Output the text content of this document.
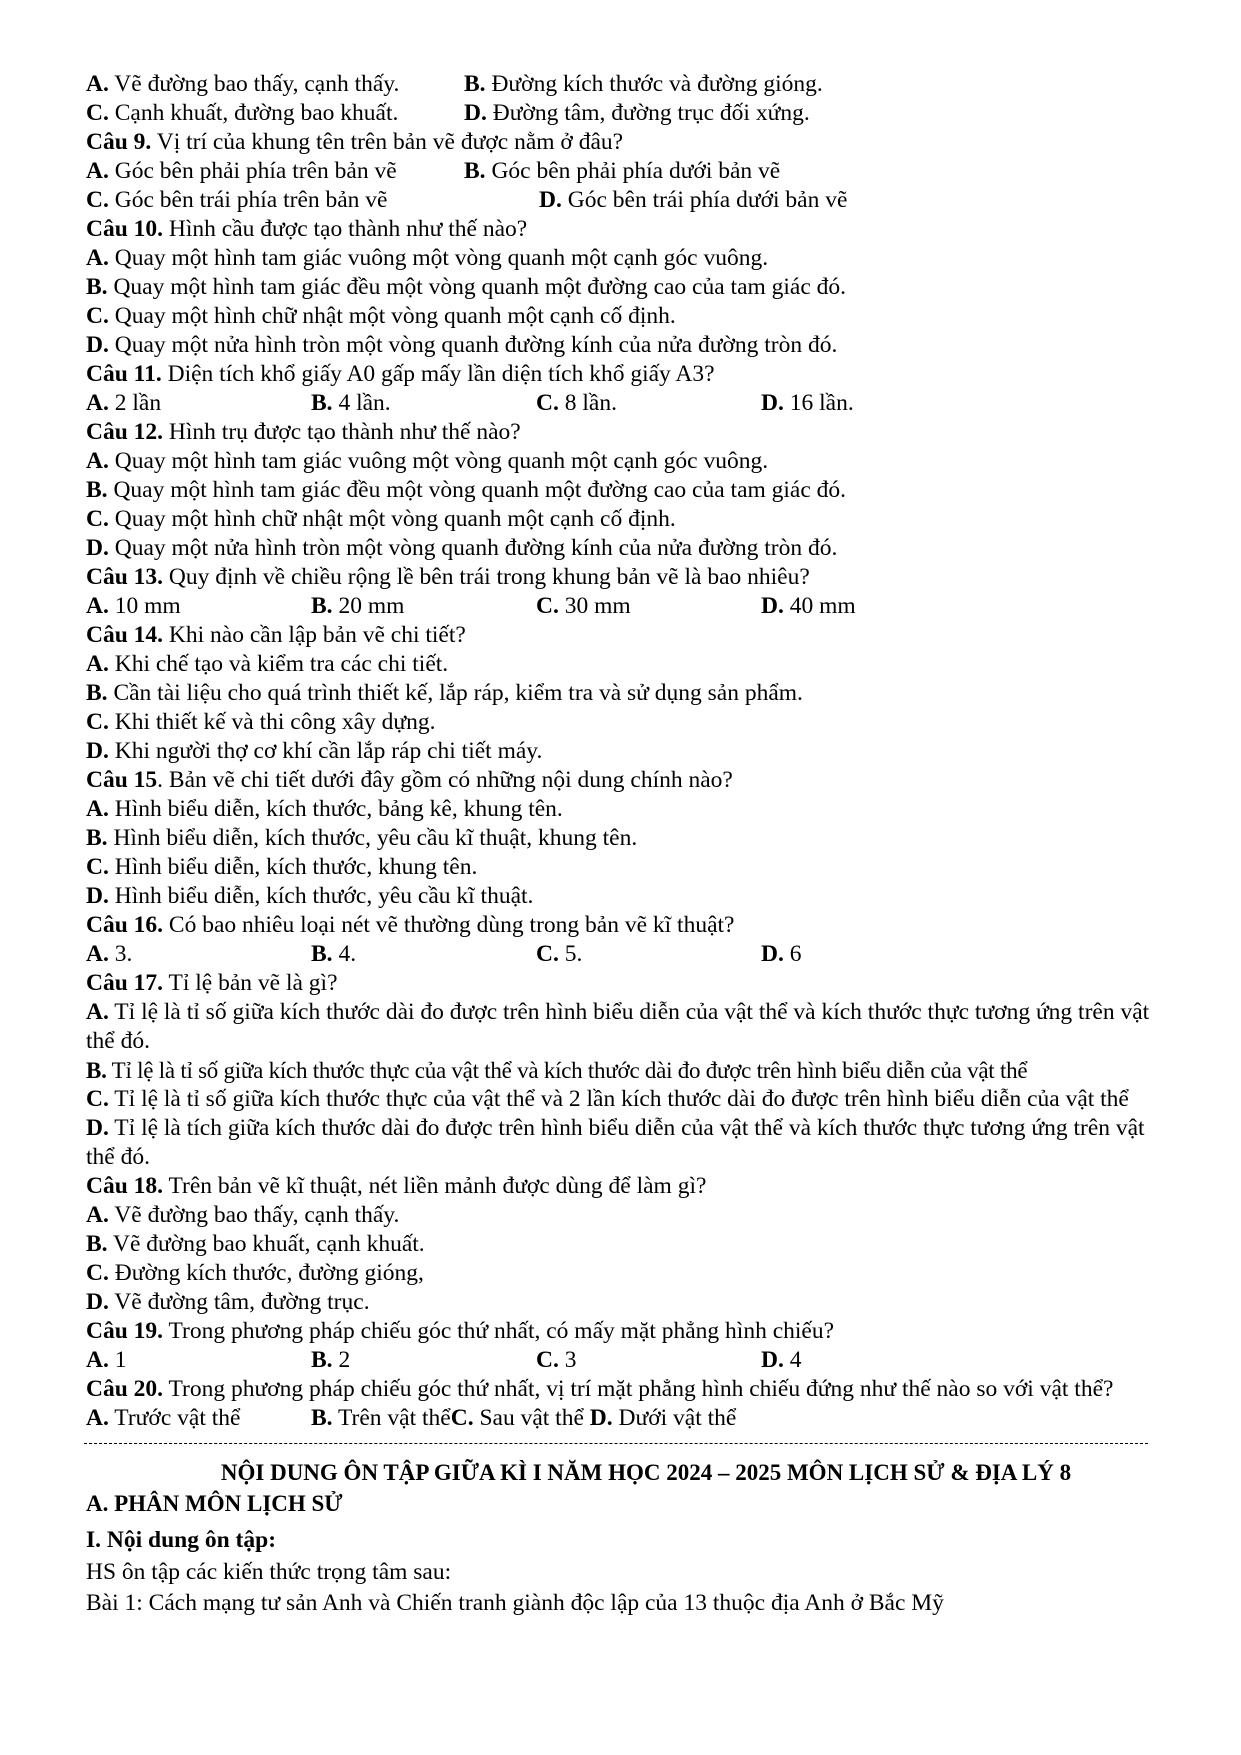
A. Vẽ đường bao thấy, cạnh thấy.	B. Đường kích thước và đường gióng.
C. Cạnh khuất, đường bao khuất.	D. Đường tâm, đường trục đối xứng.
Câu 9. Vị trí của khung tên trên bản vẽ được nằm ở đâu?
A. Góc bên phải phía trên bản vẽ	B. Góc bên phải phía dưới bản vẽ
C. Góc bên trái phía trên bản vẽ	D. Góc bên trái phía dưới bản vẽ
Câu 10. Hình cầu được tạo thành như thế nào?
A. Quay một hình tam giác vuông một vòng quanh một cạnh góc vuông.
B. Quay một hình tam giác đều một vòng quanh một đường cao của tam giác đó.
C. Quay một hình chữ nhật một vòng quanh một cạnh cố định.
D. Quay một nửa hình tròn một vòng quanh đường kính của nửa đường tròn đó.
Câu 11. Diện tích khổ giấy A0 gấp mấy lần diện tích khổ giấy A3?
A. 2 lần	B. 4 lần.	C. 8 lần.	D. 16 lần.
Câu 12. Hình trụ được tạo thành như thế nào?
A. Quay một hình tam giác vuông một vòng quanh một cạnh góc vuông.
B. Quay một hình tam giác đều một vòng quanh một đường cao của tam giác đó.
C. Quay một hình chữ nhật một vòng quanh một cạnh cố định.
D. Quay một nửa hình tròn một vòng quanh đường kính của nửa đường tròn đó.
Câu 13. Quy định về chiều rộng lề bên trái trong khung bản vẽ là bao nhiêu?
A. 10 mm	B. 20 mm	C. 30 mm	D. 40 mm
Câu 14. Khi nào cần lập bản vẽ chi tiết?
A. Khi chế tạo và kiểm tra các chi tiết.
B. Cần tài liệu cho quá trình thiết kế, lắp ráp, kiểm tra và sử dụng sản phẩm.
C. Khi thiết kế và thi công xây dựng.
D. Khi người thợ cơ khí cần lắp ráp chi tiết máy.
Câu 15. Bản vẽ chi tiết dưới đây gồm có những nội dung chính nào?
A. Hình biểu diễn, kích thước, bảng kê, khung tên.
B. Hình biểu diễn, kích thước, yêu cầu kĩ thuật, khung tên.
C. Hình biểu diễn, kích thước, khung tên.
D. Hình biểu diễn, kích thước, yêu cầu kĩ thuật.
Câu 16. Có bao nhiêu loại nét vẽ thường dùng trong bản vẽ kĩ thuật?
A. 3.	B. 4.	C. 5.	D. 6
Câu 17. Tỉ lệ bản vẽ là gì?
A. Tỉ lệ là tỉ số giữa kích thước dài đo được trên hình biểu diễn của vật thể và kích thước thực tương ứng trên vật thể đó.
B. Tỉ lệ là tỉ số giữa kích thước thực của vật thể và kích thước dài đo được trên hình biểu diễn của vật thể
C. Tỉ lệ là tỉ số giữa kích thước thực của vật thể và 2 lần kích thước dài đo được trên hình biểu diễn của vật thể
D. Tỉ lệ là tích giữa kích thước dài đo được trên hình biểu diễn của vật thể và kích thước thực tương ứng trên vật thể đó.
Câu 18. Trên bản vẽ kĩ thuật, nét liền mảnh được dùng để làm gì?
A. Vẽ đường bao thấy, cạnh thấy.
B. Vẽ đường bao khuất, cạnh khuất.
C. Đường kích thước, đường gióng,
D. Vẽ đường tâm, đường trục.
Câu 19. Trong phương pháp chiếu góc thứ nhất, có mấy mặt phẳng hình chiếu?
A. 1	B. 2	C. 3	D. 4
Câu 20. Trong phương pháp chiếu góc thứ nhất, vị trí mặt phẳng hình chiếu đứng như thế nào so với vật thể?
A. Trước vật thể	B. Trên vật thểC. Sau vật thể D. Dưới vật thể
NỘI DUNG ÔN TẬP GIỮA KÌ I NĂM HỌC 2024 – 2025 MÔN LỊCH SỬ & ĐỊA LÝ 8
A. PHÂN MÔN LỊCH SỬ
I. Nội dung ôn tập:
HS ôn tập các kiến thức trọng tâm sau:
Bài 1: Cách mạng tư sản Anh và Chiến tranh giành độc lập của 13 thuộc địa Anh ở Bắc Mỹ
